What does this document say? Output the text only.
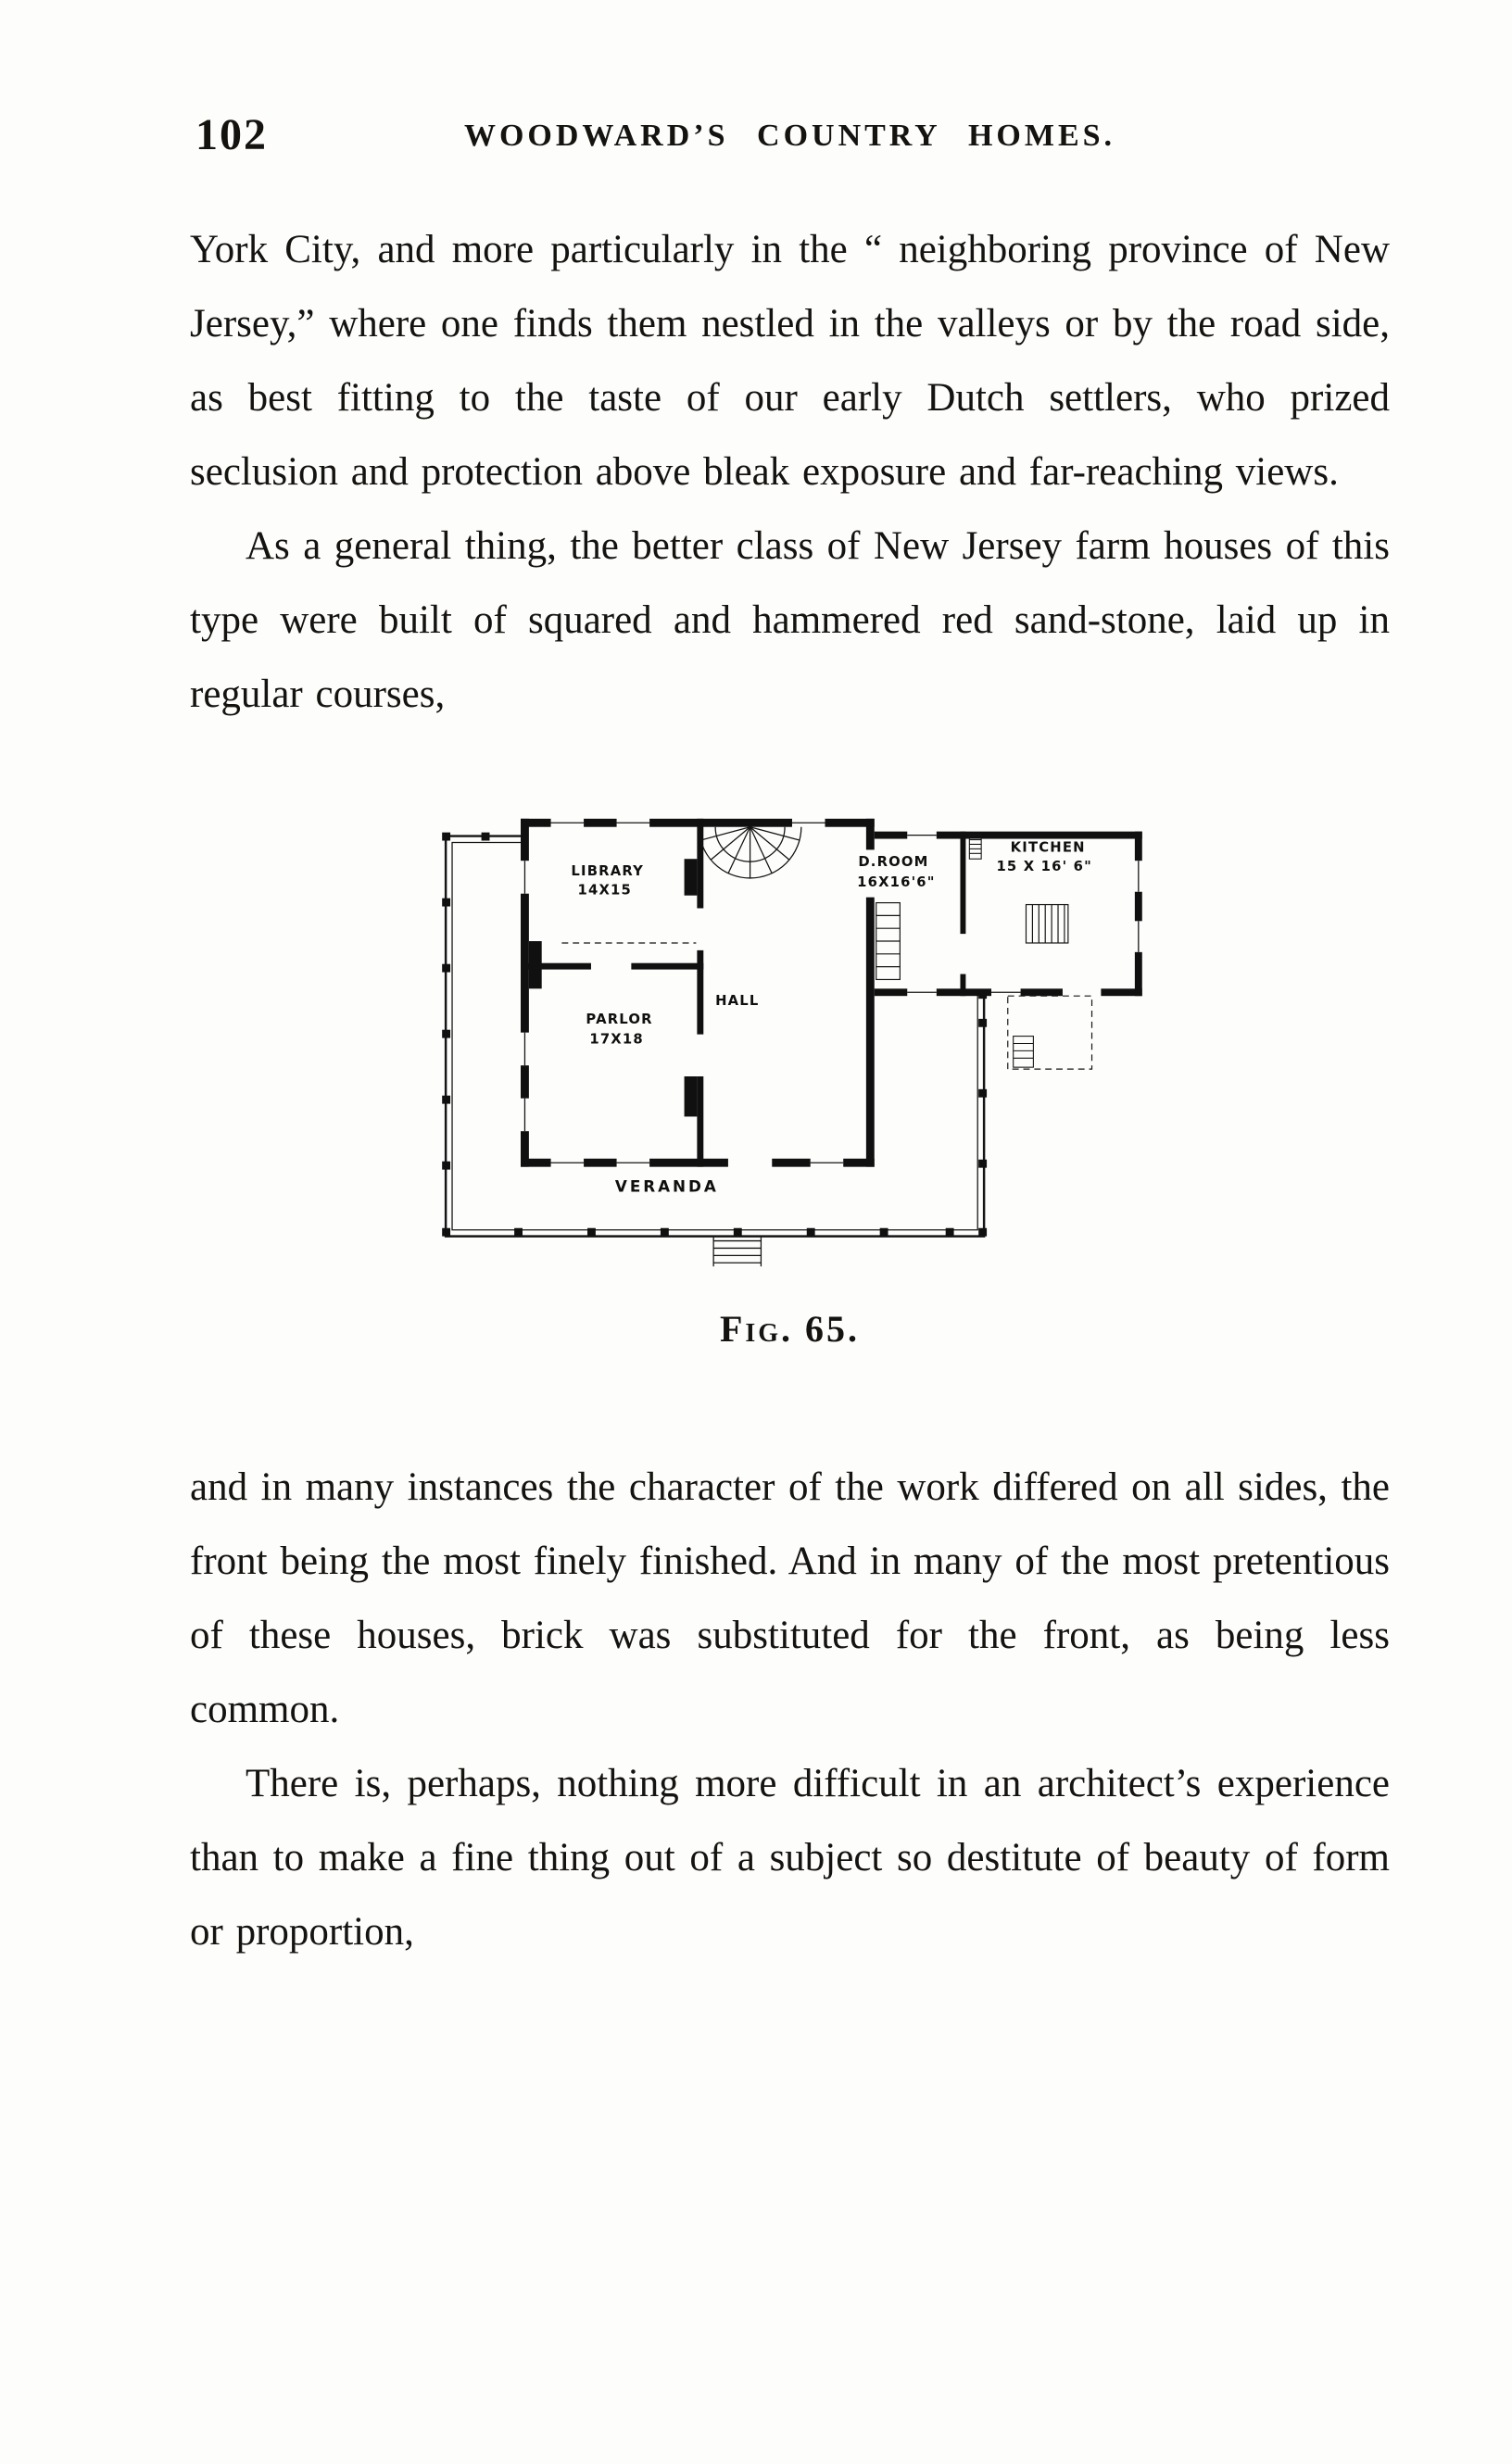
102	WOODWARD’S COUNTRY HOMES.

York City, and more particularly in the “ neighboring province of New Jersey,” where one finds them nestled in the valleys or by the road side, as best fitting to the taste of our early Dutch settlers, who prized seclusion and protection above bleak exposure and far-reaching views.

As a general thing, the better class of New Jersey farm houses of this type were built of squared and hammered red sand-stone, laid up in regular courses,

LIBRARY
14X15
PARLOR
17X18
HALL
D.ROOM
16X16'6"
KITCHEN
15 X 16' 6"
VERANDA
Fig. 65.

and in many instances the character of the work differed on all sides, the front being the most finely finished. And in many of the most pretentious of these houses, brick was substituted for the front, as being less common.

There is, perhaps, nothing more difficult in an architect’s experience than to make a fine thing out of a subject so destitute of beauty of form or proportion,
